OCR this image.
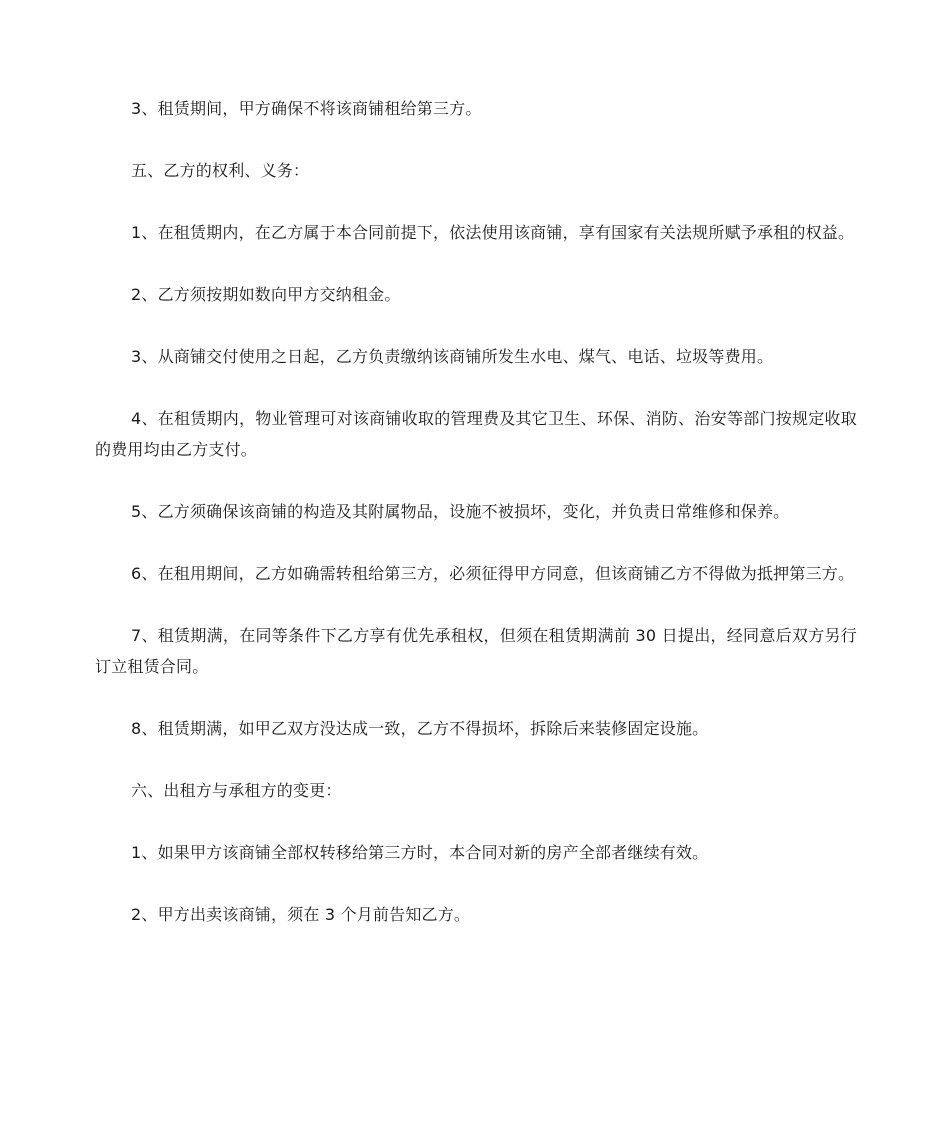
3、租赁期间，甲方确保不将该商铺租给第三方。

五、乙方的权利、义务：

1、在租赁期内，在乙方属于本合同前提下，依法使用该商铺，享有国家有关法规所赋予承租的权益。

2、乙方须按期如数向甲方交纳租金。

3、从商铺交付使用之日起，乙方负责缴纳该商铺所发生水电、煤气、电话、垃圾等费用。

4、在租赁期内，物业管理可对该商铺收取的管理费及其它卫生、环保、消防、治安等部门按规定收取的费用均由乙方支付。

5、乙方须确保该商铺的构造及其附属物品，设施不被损坏，变化，并负责日常维修和保养。

6、在租用期间，乙方如确需转租给第三方，必须征得甲方同意，但该商铺乙方不得做为抵押第三方。

7、租赁期满，在同等条件下乙方享有优先承租权，但须在租赁期满前 30 日提出，经同意后双方另行订立租赁合同。

8、租赁期满，如甲乙双方没达成一致，乙方不得损坏，拆除后来装修固定设施。

六、出租方与承租方的变更：

1、如果甲方该商铺全部权转移给第三方时，本合同对新的房产全部者继续有效。

2、甲方出卖该商铺，须在 3 个月前告知乙方。
